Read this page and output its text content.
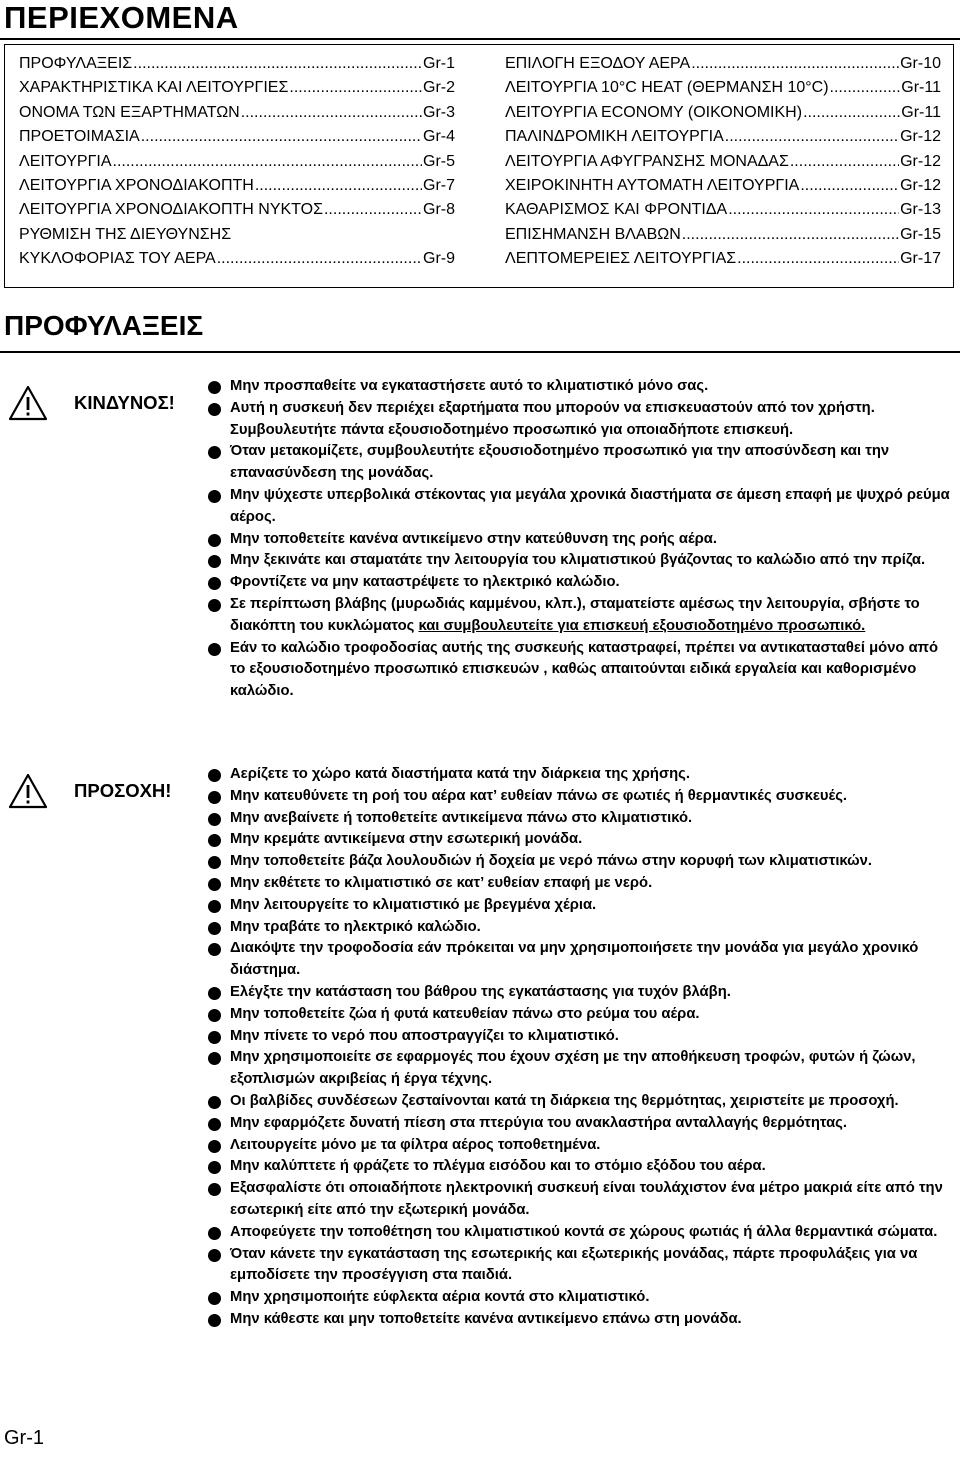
ΠΕΡΙΕΧΟΜΕΝΑ
ΠΡΟΦΥΛΑΞΕΙΣ .....	Gr-1
ΧΑΡΑΚΤΗΡΙΣΤΙΚΑ ΚΑΙ ΛΕΙΤΟΥΡΓΙΕΣ .....	Gr-2
ΟΝΟΜΑ ΤΩΝ ΕΞΑΡΤΗΜΑΤΩΝ .....	Gr-3
ΠΡΟΕΤΟΙΜΑΣΙΑ .....	Gr-4
ΛΕΙΤΟΥΡΓΙΑ .....	Gr-5
ΛΕΙΤΟΥΡΓΙΑ ΧΡΟΝΟΔΙΑΚΟΠΤΗ .....	Gr-7
ΛΕΙΤΟΥΡΓΙΑ ΧΡΟΝΟΔΙΑΚΟΠΤΗ ΝΥΚΤΟΣ .....	Gr-8
ΡΥΘΜΙΣΗ ΤΗΣ ΔΙΕΥΘΥΝΣΗΣ
ΚΥΚΛΟΦΟΡΙΑΣ ΤΟΥ ΑΕΡΑ .....	Gr-9
ΕΠΙΛΟΓΗ ΕΞΟΔΟΥ ΑΕΡΑ .....	Gr-10
ΛΕΙΤΟΥΡΓΙΑ 10°C HEAT (ΘΕΡΜΑΝΣΗ 10°C) .....	Gr-11
ΛΕΙΤΟΥΡΓΙΑ ECONOMY (ΟΙΚΟΝΟΜΙΚΗ) .....	Gr-11
ΠΑΛΙΝΔΡΟΜΙΚΗ ΛΕΙΤΟΥΡΓΙΑ .....	Gr-12
ΛΕΙΤΟΥΡΓΙΑ ΑΦΥΓΡΑΝΣΗΣ ΜΟΝΑΔΑΣ .....	Gr-12
ΧΕΙΡΟΚΙΝΗΤΗ ΑΥΤΟΜΑΤΗ ΛΕΙΤΟΥΡΓΙΑ .....	Gr-12
ΚΑΘΑΡΙΣΜΟΣ ΚΑΙ ΦΡΟΝΤΙΔΑ .....	Gr-13
ΕΠΙΣΗΜΑΝΣΗ ΒΛΑΒΩΝ .....	Gr-15
ΛΕΠΤΟΜΕΡΕΙΕΣ ΛΕΙΤΟΥΡΓΙΑΣ .....	Gr-17
ΠΡΟΦΥΛΑΞΕΙΣ
ΚΙΝΔΥΝΟΣ!
Μην προσπαθείτε να εγκαταστήσετε αυτό το κλιματιστικό μόνο σας.
Αυτή η συσκευή δεν περιέχει εξαρτήματα που μπορούν να επισκευαστούν από τον χρήστη. Συμβουλευτήτε πάντα εξουσιοδοτημένο προσωπικό για οποιαδήποτε επισκευή.
Όταν μετακομίζετε, συμβουλευτήτε εξουσιοδοτημένο προσωπικό για την αποσύνδεση και την επανασύνδεση της μονάδας.
Μην ψύχεστε υπερβολικά στέκοντας για μεγάλα χρονικά διαστήματα σε άμεση επαφή με ψυχρό ρεύμα αέρος.
Μην τοποθετείτε κανένα αντικείμενο στην κατεύθυνση της ροής αέρα.
Μην ξεκινάτε και σταματάτε την λειτουργία του κλιματιστικού βγάζοντας το καλώδιο από την πρίζα.
Φροντίζετε να μην καταστρέψετε το ηλεκτρικό καλώδιο.
Σε περίπτωση βλάβης (μυρωδιάς καμμένου, κλπ.), σταματείστε αμέσως την λειτουργία, σβήστε το διακόπτη του κυκλώματος και συμβουλευτείτε για επισκευή εξουσιοδοτημένο προσωπικό.
Εάν το καλώδιο τροφοδοσίας αυτής της συσκευής καταστραφεί, πρέπει να αντικατασταθεί μόνο από το εξουσιοδοτημένο προσωπικό επισκευών , καθώς απαιτούνται ειδικά εργαλεία και καθορισμένο καλώδιο.
ΠΡΟΣΟΧΗ!
Αερίζετε το χώρο κατά διαστήματα κατά την διάρκεια της χρήσης.
Μην κατευθύνετε τη ροή του αέρα κατ’ ευθείαν πάνω σε φωτιές ή θερμαντικές συσκευές.
Μην ανεβαίνετε ή τοποθετείτε αντικείμενα πάνω στο κλιματιστικό.
Μην κρεμάτε αντικείμενα στην εσωτερική μονάδα.
Μην τοποθετείτε βάζα λουλουδιών ή δοχεία με νερό πάνω στην κορυφή των κλιματιστικών.
Μην εκθέτετε το κλιματιστικό σε κατ’ ευθείαν επαφή με νερό.
Μην λειτουργείτε το κλιματιστικό με βρεγμένα χέρια.
Μην τραβάτε το ηλεκτρικό καλώδιο.
Διακόψτε την τροφοδοσία εάν πρόκειται να μην χρησιμοποιήσετε την μονάδα για μεγάλο χρονικό διάστημα.
Ελέγξτε την κατάσταση του βάθρου της εγκατάστασης για τυχόν βλάβη.
Μην τοποθετείτε ζώα ή φυτά κατευθείαν πάνω στο ρεύμα του αέρα.
Μην πίνετε το νερό που αποστραγγίζει το κλιματιστικό.
Μην χρησιμοποιείτε σε εφαρμογές που έχουν σχέση με την αποθήκευση τροφών, φυτών ή ζώων, εξοπλισμών ακριβείας ή έργα τέχνης.
Οι βαλβίδες συνδέσεων ζεσταίνονται κατά τη διάρκεια της θερμότητας, χειριστείτε με προσοχή.
Μην εφαρμόζετε δυνατή πίεση στα πτερύγια του ανακλαστήρα ανταλλαγής θερμότητας.
Λειτουργείτε μόνο με τα φίλτρα αέρος τοποθετημένα.
Μην καλύπτετε ή φράζετε το πλέγμα εισόδου και το στόμιο εξόδου του αέρα.
Εξασφαλίστε ότι οποιαδήποτε ηλεκτρονική συσκευή είναι τουλάχιστον ένα μέτρο μακριά είτε από την εσωτερική είτε από την εξωτερική μονάδα.
Αποφεύγετε την τοποθέτηση του κλιματιστικού κοντά σε χώρους φωτιάς ή άλλα θερμαντικά σώματα.
Όταν κάνετε την εγκατάσταση της εσωτερικής και εξωτερικής μονάδας, πάρτε προφυλάξεις για να εμποδίσετε την προσέγγιση στα παιδιά.
Μην χρησιμοποιήτε εύφλεκτα αέρια κοντά στο κλιματιστικό.
Μην κάθεστε και μην τοποθετείτε κανένα αντικείμενο επάνω στη μονάδα.
Gr-1
